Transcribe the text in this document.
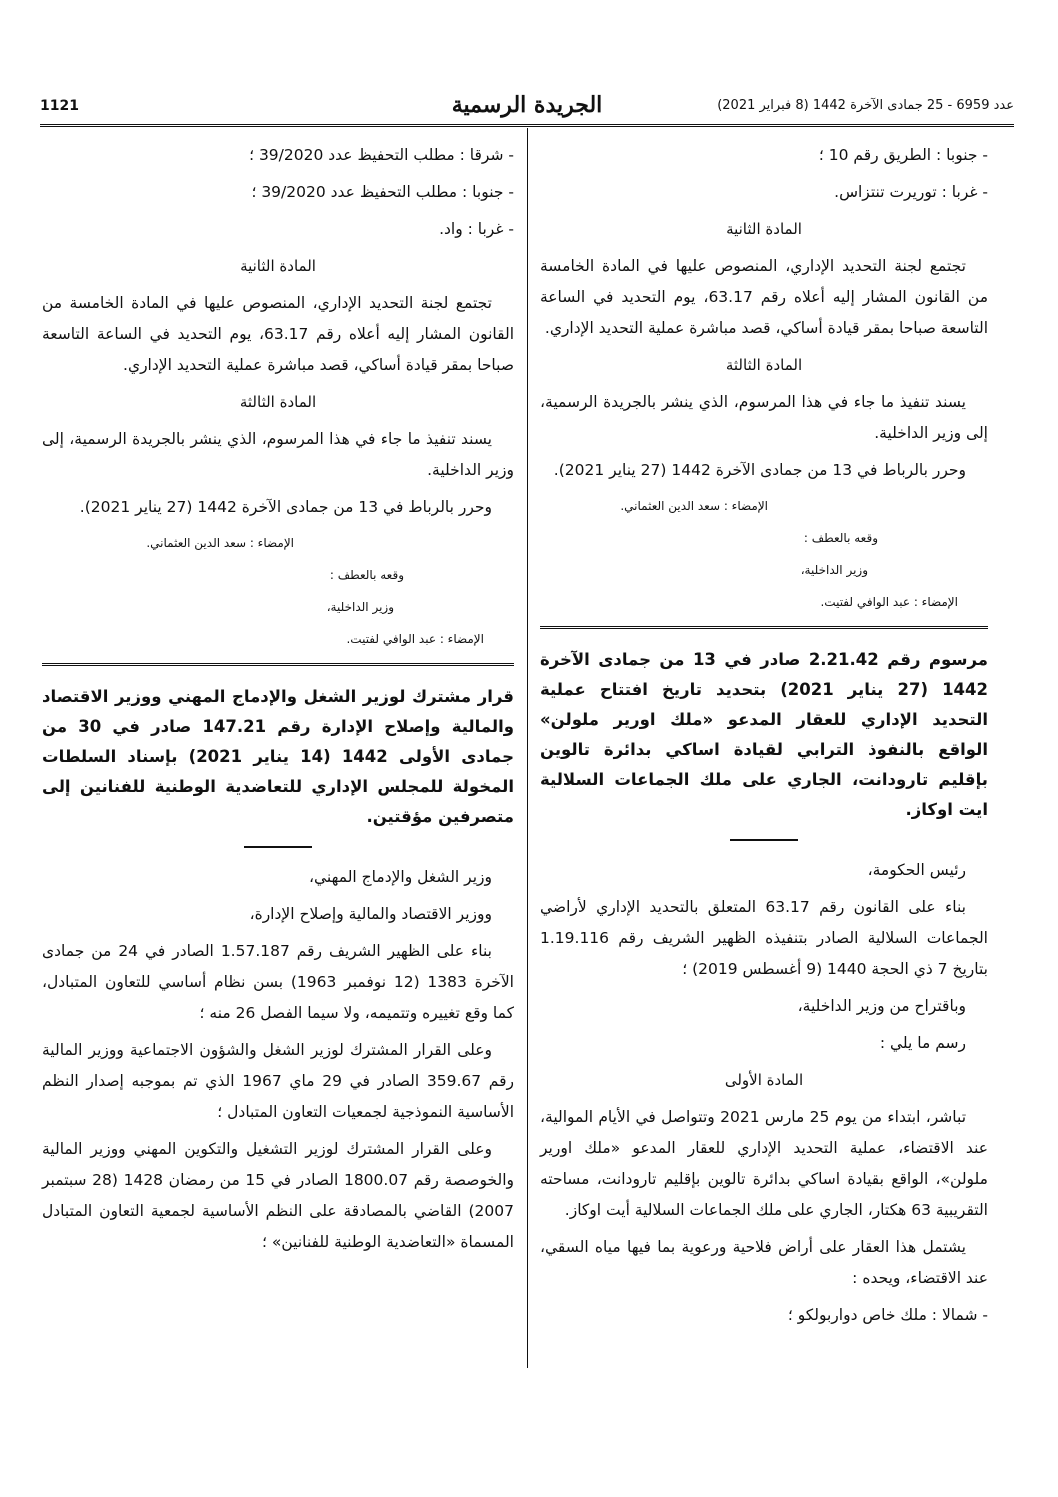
عدد 6959 - 25 جمادى الآخرة 1442 (8 فبراير 2021)
الجريدة الرسمية
1121

- جنوبا : الطريق رقم 10 ؛

- غربا : توريرت تنتزاس.

المادة الثانية

تجتمع لجنة التحديد الإداري، المنصوص عليها في المادة الخامسة من القانون المشار إليه أعلاه رقم 63.17، يوم التحديد في الساعة التاسعة صباحا بمقر قيادة أساكي، قصد مباشرة عملية التحديد الإداري.

المادة الثالثة

يسند تنفيذ ما جاء في هذا المرسوم، الذي ينشر بالجريدة الرسمية، إلى وزير الداخلية.

وحرر بالرباط في 13 من جمادى الآخرة 1442 (27 يناير 2021).

الإمضاء : سعد الدين العثماني.
وقعه بالعطف :
وزير الداخلية،
الإمضاء : عبد الوافي لفتيت.

مرسوم رقم 2.21.42 صادر في 13 من جمادى الآخرة 1442 (27 يناير 2021) بتحديد تاريخ افتتاح عملية التحديد الإداري للعقار المدعو «ملك اورير ملولن» الواقع بالنفوذ الترابي لقيادة اساكي بدائرة تالوين بإقليم تارودانت، الجاري على ملك الجماعات السلالية ايت اوكاز.

رئيس الحكومة،

بناء على القانون رقم 63.17 المتعلق بالتحديد الإداري لأراضي الجماعات السلالية الصادر بتنفيذه الظهير الشريف رقم 1.19.116 بتاريخ 7 ذي الحجة 1440 (9 أغسطس 2019) ؛

وباقتراح من وزير الداخلية،

رسم ما يلي :

المادة الأولى

تباشر، ابتداء من يوم 25 مارس 2021 وتتواصل في الأيام الموالية، عند الاقتضاء، عملية التحديد الإداري للعقار المدعو «ملك اورير ملولن»، الواقع بقيادة اساكي بدائرة تالوين بإقليم تارودانت، مساحته التقريبية 63 هكتار، الجاري على ملك الجماعات السلالية أيت اوكاز.

يشتمل هذا العقار على أراض فلاحية ورعوية بما فيها مياه السقي، عند الاقتضاء، ويحده :

- شمالا : ملك خاص دواربولكو ؛

- شرقا : مطلب التحفيظ عدد 39/2020 ؛

- جنوبا : مطلب التحفيظ عدد 39/2020 ؛

- غربا : واد.

المادة الثانية

تجتمع لجنة التحديد الإداري، المنصوص عليها في المادة الخامسة من القانون المشار إليه أعلاه رقم 63.17، يوم التحديد في الساعة التاسعة صباحا بمقر قيادة أساكي، قصد مباشرة عملية التحديد الإداري.

المادة الثالثة

يسند تنفيذ ما جاء في هذا المرسوم، الذي ينشر بالجريدة الرسمية، إلى وزير الداخلية.

وحرر بالرباط في 13 من جمادى الآخرة 1442 (27 يناير 2021).

الإمضاء : سعد الدين العثماني.
وقعه بالعطف :
وزير الداخلية،
الإمضاء : عبد الوافي لفتيت.

قرار مشترك لوزير الشغل والإدماج المهني ووزير الاقتصاد والمالية وإصلاح الإدارة رقم 147.21 صادر في 30 من جمادى الأولى 1442 (14 يناير 2021) بإسناد السلطات المخولة للمجلس الإداري للتعاضدية الوطنية للفنانين إلى متصرفين مؤقتين.

وزير الشغل والإدماج المهني،

ووزير الاقتصاد والمالية وإصلاح الإدارة،

بناء على الظهير الشريف رقم 1.57.187 الصادر في 24 من جمادى الآخرة 1383 (12 نوفمبر 1963) بسن نظام أساسي للتعاون المتبادل، كما وقع تغييره وتتميمه، ولا سيما الفصل 26 منه ؛

وعلى القرار المشترك لوزير الشغل والشؤون الاجتماعية ووزير المالية رقم 359.67 الصادر في 29 ماي 1967 الذي تم بموجبه إصدار النظم الأساسية النموذجية لجمعيات التعاون المتبادل ؛

وعلى القرار المشترك لوزير التشغيل والتكوين المهني ووزير المالية والخوصصة رقم 1800.07 الصادر في 15 من رمضان 1428 (28 سبتمبر 2007) القاضي بالمصادقة على النظم الأساسية لجمعية التعاون المتبادل المسماة «التعاضدية الوطنية للفنانين» ؛
